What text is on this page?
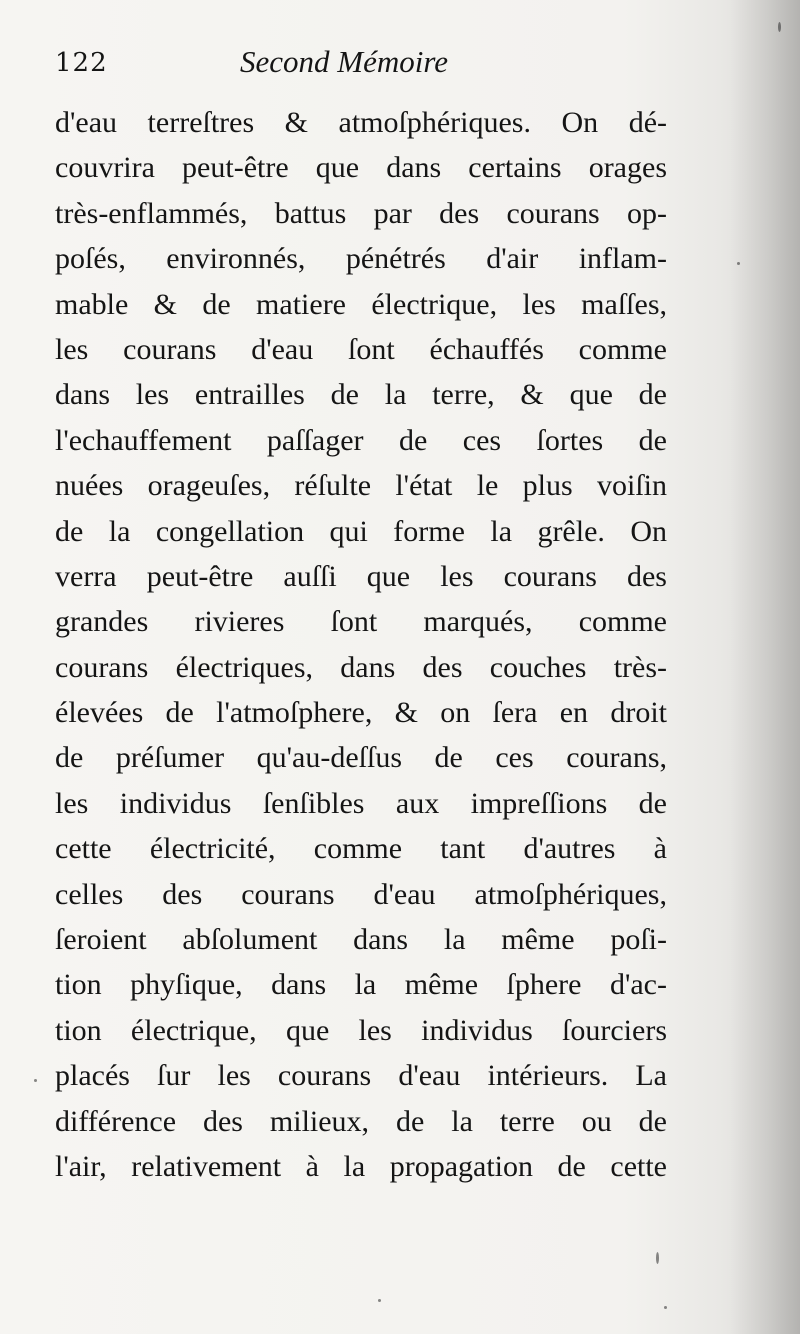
122	Second Mémoire
d'eau terreſtres & atmoſphériques. On dé-
couvrira peut-être que dans certains orages
très-enflammés, battus par des courans op-
poſés, environnés, pénétrés d'air inflam-
mable & de matiere électrique, les maſſes,
les courans d'eau ſont échauffés comme
dans les entrailles de la terre, & que de
l'echauffement paſſager de ces ſortes de
nuées orageuſes, réſulte l'état le plus voiſin
de la congellation qui forme la grêle. On
verra peut-être auſſi que les courans des
grandes rivieres ſont marqués, comme
courans électriques, dans des couches très-
élevées de l'atmoſphere, & on ſera en droit
de préſumer qu'au-deſſus de ces courans,
les individus ſenſibles aux impreſſions de
cette électricité, comme tant d'autres à
celles des courans d'eau atmoſphériques,
ſeroient abſolument dans la même poſi-
tion phyſique, dans la même ſphere d'ac-
tion électrique, que les individus ſourciers
placés ſur les courans d'eau intérieurs. La
différence des milieux, de la terre ou de
l'air, relativement à la propagation de cette
